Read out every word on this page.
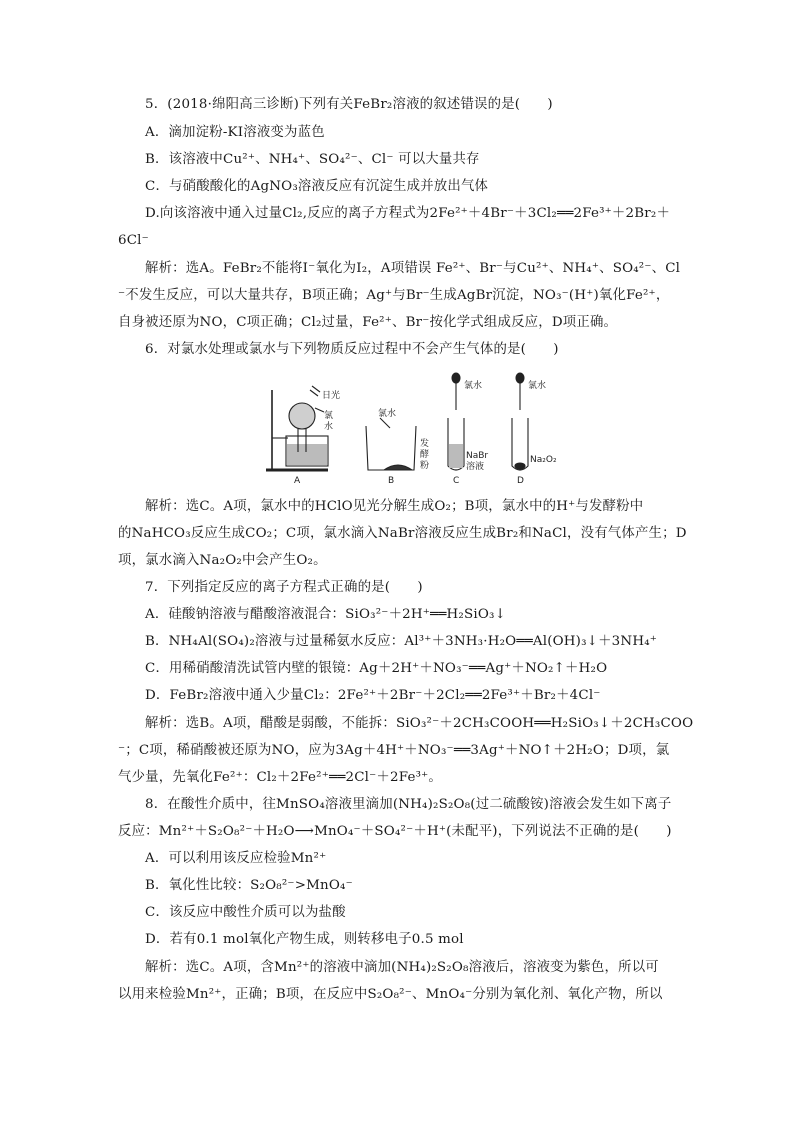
5．(2018·绵阳高三诊断)下列有关FeBr₂溶液的叙述错误的是(　　)
A．滴加淀粉-KI溶液变为蓝色
B．该溶液中Cu²⁺、NH₄⁺、SO₄²⁻、Cl⁻ 可以大量共存
C．与硝酸酸化的AgNO₃溶液反应有沉淀生成并放出气体
D.向该溶液中通入过量Cl₂,反应的离子方程式为2Fe²⁺＋4Br⁻＋3Cl₂══2Fe³⁺＋2Br₂＋
6Cl⁻
解析：选A。FeBr₂不能将I⁻氧化为I₂，A项错误 Fe²⁺、Br⁻与Cu²⁺、NH₄⁺、SO₄²⁻、Cl
⁻不发生反应，可以大量共存，B项正确；Ag⁺与Br⁻生成AgBr沉淀，NO₃⁻(H⁺)氧化Fe²⁺，
自身被还原为NO，C项正确；Cl₂过量，Fe²⁺、Br⁻按化学式组成反应，D项正确。
6．对氯水处理或氯水与下列物质反应过程中不会产生气体的是(　　)
日光
氯
水
氯水
发
酵
粉
氯水
NaBr
溶液
氯水
Na₂O₂
A	B	C	D
解析：选C。A项，氯水中的HClO见光分解生成O₂；B项，氯水中的H⁺与发酵粉中
的NaHCO₃反应生成CO₂；C项，氯水滴入NaBr溶液反应生成Br₂和NaCl，没有气体产生；D
项，氯水滴入Na₂O₂中会产生O₂。
7．下列指定反应的离子方程式正确的是(　　)
A．硅酸钠溶液与醋酸溶液混合：SiO₃²⁻＋2H⁺══H₂SiO₃↓
B．NH₄Al(SO₄)₂溶液与过量稀氨水反应：Al³⁺＋3NH₃·H₂O══Al(OH)₃↓＋3NH₄⁺
C．用稀硝酸清洗试管内壁的银镜：Ag＋2H⁺＋NO₃⁻══Ag⁺＋NO₂↑＋H₂O
D．FeBr₂溶液中通入少量Cl₂：2Fe²⁺＋2Br⁻＋2Cl₂══2Fe³⁺＋Br₂＋4Cl⁻
解析：选B。A项，醋酸是弱酸，不能拆：SiO₃²⁻＋2CH₃COOH══H₂SiO₃↓＋2CH₃COO
⁻；C项，稀硝酸被还原为NO，应为3Ag＋4H⁺＋NO₃⁻══3Ag⁺＋NO↑＋2H₂O；D项，氯
气少量，先氧化Fe²⁺：Cl₂＋2Fe²⁺══2Cl⁻＋2Fe³⁺。
8．在酸性介质中，往MnSO₄溶液里滴加(NH₄)₂S₂O₈(过二硫酸铵)溶液会发生如下离子
反应：Mn²⁺＋S₂O₈²⁻＋H₂O⟶MnO₄⁻＋SO₄²⁻＋H⁺(未配平)，下列说法不正确的是(　　)
A．可以利用该反应检验Mn²⁺
B．氧化性比较：S₂O₈²⁻>MnO₄⁻
C．该反应中酸性介质可以为盐酸
D．若有0.1 mol氧化产物生成，则转移电子0.5 mol
解析：选C。A项，含Mn²⁺的溶液中滴加(NH₄)₂S₂O₈溶液后，溶液变为紫色，所以可
以用来检验Mn²⁺，正确；B项，在反应中S₂O₈²⁻、MnO₄⁻分别为氧化剂、氧化产物，所以
